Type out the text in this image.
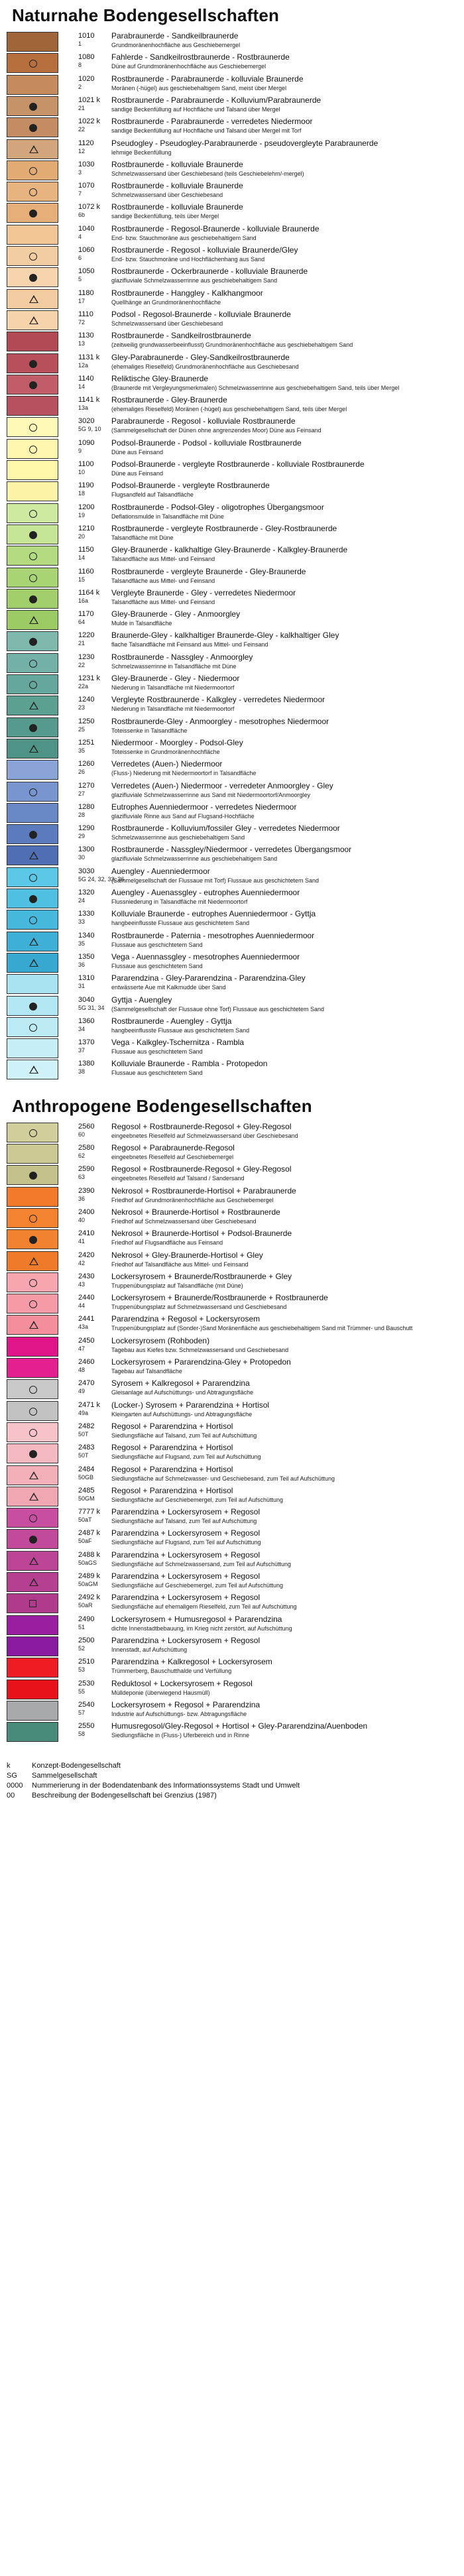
Naturnahe Bodengesellschaften
1010
1
Parabraunerde - Sandkeilbraunerde
Grundmoränenhochfläche aus Geschiebemergel
1080
8
Fahlerde - Sandkeilrostbraunerde - Rostbraunerde
Düne auf Grundmoränenhochfläche aus Geschiebemergel
1020
2
Rostbraunerde - Parabraunerde - kolluviale Braunerde
Moränen (-hügel) aus geschiebehaltigem Sand, meist über Mergel
1021 k
21
Rostbraunerde - Parabraunerde - Kolluvium/Parabraunerde
sandige Beckenfüllung auf Hochfläche und Talsand über Mergel
1022 k
22
Rostbraunerde - Parabraunerde - verredetes Niedermoor
sandige Beckenfüllung auf Hochfläche und Talsand über Mergel mit Torf
1120
12
Pseudogley - Pseudogley-Parabraunerde - pseudovergleyte Parabraunerde
lehmige Beckenfüllung
1030
3
Rostbraunerde - kolluviale Braunerde
Schmelzwassersand über Geschiebesand (teils Geschiebelehm/-mergel)
1070
7
Rostbraunerde - kolluviale Braunerde
Schmelzwassersand über Geschiebesand
1072 k
6b
Rostbraunerde - kolluviale Braunerde
sandige Beckenfüllung, teils über Mergel
1040
4
Rostbraunerde - Regosol-Braunerde - kolluviale Braunerde
End- bzw. Stauchmoräne aus geschiebehaltigem Sand
1060
6
Rostbraunerde - Regosol - kolluviale Braunerde/Gley
End- bzw. Stauchmoräne und Hochflächenhang aus Sand
1050
5
Rostbraunerde - Ockerbraunerde - kolluviale Braunerde
glazifluviale Schmelzwasserrinne aus geschiebehaltigem Sand
1180
17
Rostbraunerde - Hanggley - Kalkhangmoor
Quellhänge an Grundmoränenhochfläche
1110
72
Podsol - Regosol-Braunerde - kolluviale Braunerde
Schmelzwassersand über Geschiebesand
1130
13
Rostbraunerde - Sandkeilrostbraunerde
(zeitweilig grundwasserbeeinflusst) Grundmoränenhochfläche aus geschiebehaltigem Sand
1131 k
12a
Gley-Parabraunerde - Gley-Sandkeilrostbraunerde
(ehemaliges Rieselfeld) Grundmoränenhochfläche aus Geschiebesand
1140
14
Reliktische Gley-Braunerde
(Braunerde mit Vergleyungsmerkmalen) Schmelzwasserrinne aus geschiebehaltigem Sand, teils über Mergel
1141 k
13a
Rostbraunerde - Gley-Braunerde
(ehemaliges Rieselfeld) Moränen (-hügel) aus geschiebehaltigem Sand, teils über Mergel
3020
5G 9, 10
Parabraunerde - Regosol - kolluviale Rostbraunerde
(Sammelgesellschaft der Dünen ohne angrenzendes Moor) Düne aus Feinsand
1090
9
Podsol-Braunerde - Podsol - kolluviale Rostbraunerde
Düne aus Feinsand
1100
10
Podsol-Braunerde - vergleyte Rostbraunerde - kolluviale Rostbraunerde
Düne aus Feinsand
1190
18
Podsol-Braunerde - vergleyte Rostbraunerde
Flugsandfeld auf Talsandfläche
1200
19
Rostbraunerde - Podsol-Gley - oligotrophes Übergangsmoor
Deflationsmulde in Talsandfläche mit Düne
1210
20
Rostbraunerde - vergleyte Rostbraunerde - Gley-Rostbraunerde
Talsandfläche mit Düne
1150
14
Gley-Braunerde - kalkhaltige Gley-Braunerde - Kalkgley-Braunerde
Talsandfläche aus Mittel- und Feinsand
1160
15
Rostbraunerde - vergleyte Braunerde - Gley-Braunerde
Talsandfläche aus Mittel- und Feinsand
1164 k
16a
Vergleyte Braunerde - Gley - verredetes Niedermoor
Talsandfläche aus Mittel- und Feinsand
1170
64
Gley-Braunerde - Gley - Anmoorgley
Mulde in Talsandfläche
1220
21
Braunerde-Gley - kalkhaltiger Braunerde-Gley - kalkhaltiger Gley
flache Talsandfläche mit Feinsand aus Mittel- und Feinsand
1230
22
Rostbraunerde - Nassgley - Anmoorgley
Schmelzwasserrinne in Talsandfläche mit Düne
1231 k
22a
Gley-Braunerde - Gley - Niedermoor
Niederung in Talsandfläche mit Niedermoortorf
1240
23
Vergleyte Rostbraunerde - Kalkgley - verredetes Niedermoor
Niederung in Talsandfläche mit Niedermoortorf
1250
25
Rostbraunerde-Gley - Anmoorgley - mesotrophes Niedermoor
Toteissenke in Talsandfläche
1251
35
Niedermoor - Moorgley - Podsol-Gley
Toteissenke in Grundmoränenhochfläche
1260
26
Verredetes (Auen-) Niedermoor
(Fluss-) Niederung mit Niedermoortorf in Talsandfläche
1270
27
Verredetes (Auen-) Niedermoor - verredeter Anmoorgley - Gley
glazifluviale Schmelzwasserrinne aus Sand mit Niedermoortorf/Anmoorgley
1280
28
Eutrophes Auenniedermoor - verredetes Niedermoor
glazifluviale Rinne aus Sand auf Flugsand-Hochfläche
1290
29
Rostbraunerde - Kolluvium/fossiler Gley - verredetes Niedermoor
Schmelzwasserrinne aus geschiebehaltigem Sand
1300
30
Rostbraunerde - Nassgley/Niedermoor - verredetes Übergangsmoor
glazifluviale Schmelzwasserrinne aus geschiebehaltigem Sand
3030
5G 24, 32, 33, 36
Auengley - Auenniedermoor
(Sammelgesellschaft der Flussaue mit Torf) Flussaue aus geschichtetem Sand
1320
24
Auengley - Auenassgley - eutrophes Auenniedermoor
Flussniederung in Talsandfläche mit Niedermoortorf
1330
33
Kolluviale Braunerde - eutrophes Auenniedermoor - Gyttja
hangbeeinflusste Flussaue aus geschichtetem Sand
1340
35
Rostbraunerde - Paternia - mesotrophes Auenniedermoor
Flussaue aus geschichtetem Sand
1350
36
Vega - Auennassgley - mesotrophes Auenniedermoor
Flussaue aus geschichtetem Sand
1310
31
Pararendzina - Gley-Pararendzina - Pararendzina-Gley
entwässerte Aue mit Kalkmudde über Sand
3040
5G 31, 34
Gyttja - Auengley
(Sammelgesellschaft der Flussaue ohne Torf) Flussaue aus geschichtetem Sand
1360
34
Rostbraunerde - Auengley - Gyttja
hangbeeinflusste Flussaue aus geschichtetem Sand
1370
37
Vega - Kalkgley-Tschernitza - Rambla
Flussaue aus geschichtetem Sand
1380
38
Kolluviale Braunerde - Rambla - Protopedon
Flussaue aus geschichtetem Sand
Anthropogene Bodengesellschaften
2560
60
Regosol + Rostbraunerde-Regosol + Gley-Regosol
eingeebnetes Rieselfeld auf Schmelzwassersand über Geschiebesand
2580
62
Regosol + Parabraunerde-Regosol
eingeebnetes Rieselfeld auf Geschiebemergel
2590
63
Regosol + Rostbraunerde-Regosol + Gley-Regosol
eingeebnetes Rieselfeld auf Talsand / Sandersand
2390
36
Nekrosol + Rostbraunerde-Hortisol + Parabraunerde
Friedhof auf Grundmoränenhochfläche aus Geschiebemergel
2400
40
Nekrosol + Braunerde-Hortisol + Rostbraunerde
Friedhof auf Schmelzwassersand über Geschiebesand
2410
41
Nekrosol + Braunerde-Hortisol + Podsol-Braunerde
Friedhof auf Flugsandfläche aus Feinsand
2420
42
Nekrosol + Gley-Braunerde-Hortisol + Gley
Friedhof auf Talsandfläche aus Mittel- und Feinsand
2430
43
Lockersyrosem + Braunerde/Rostbraunerde + Gley
Truppenübungsplatz auf Talsandfläche (mit Düne)
2440
44
Lockersyrosem + Braunerde/Rostbraunerde + Rostbraunerde
Truppenübungsplatz auf Schmelzwassersand und Geschiebesand
2441
43a
Pararendzina + Regosol + Lockersyrosem
Truppenübungsplatz auf (Sonder-)Sand Moränenfläche aus geschiebehaltigem Sand mit Trümmer- und Bauschutt
2450
47
Lockersyrosem (Rohboden)
Tagebau aus Kiefes bzw. Schmelzwassersand und Geschiebesand
2460
48
Lockersyrosem + Pararendzina-Gley + Protopedon
Tagebau auf Talsandfläche
2470
49
Syrosem + Kalkregosol + Pararendzina
Gleisanlage auf Aufschüttungs- und Abtragungsfläche
2471 k
49a
(Locker-) Syrosem + Pararendzina + Hortisol
Kleingarten auf Aufschüttungs- und Abtragungsfläche
2482
50T
Regosol + Pararendzina + Hortisol
Siedlungsfläche auf Talsand, zum Teil auf Aufschüttung
2483
50T
Regosol + Pararendzina + Hortisol
Siedlungsfläche auf Flugsand, zum Teil auf Aufschüttung
2484
50GB
Regosol + Pararendzina + Hortisol
Siedlungsfläche auf Schmelzwasser- und Geschiebesand, zum Teil auf Aufschüttung
2485
50GM
Regosol + Pararendzina + Hortisol
Siedlungsfläche auf Geschiebemergel, zum Teil auf Aufschüttung
7777 k
50aT
Pararendzina + Lockersyrosem + Regosol
Siedlungsfläche auf Talsand, zum Teil auf Aufschüttung
2487 k
50aF
Pararendzina + Lockersyrosem + Regosol
Siedlungsfläche auf Flugsand, zum Teil auf Aufschüttung
2488 k
50aGS
Pararendzina + Lockersyrosem + Regosol
Siedlungsfläche auf Schmelzwassersand, zum Teil auf Aufschüttung
2489 k
50aGM
Pararendzina + Lockersyrosem + Regosol
Siedlungsfläche auf Geschiebemergel, zum Teil auf Aufschüttung
2492 k
50aR
Pararendzina + Lockersyrosem + Regosol
Siedlungsfläche auf ehemaligem Rieselfeld, zum Teil auf Aufschüttung
2490
51
Lockersyrosem + Humusregosol + Pararendzina
dichte Innenstadtbebauung, im Krieg nicht zerstört, auf Aufschüttung
2500
52
Pararendzina + Lockersyrosem + Regosol
Innenstadt, auf Aufschüttung
2510
53
Pararendzina + Kalkregosol + Lockersyrosem
Trümmerberg, Bauschutthalde und Verfüllung
2530
55
Reduktosol + Lockersyrosem + Regosol
Mülldeponie (überwiegend Hausmüll)
2540
57
Lockersyrosem + Regosol + Pararendzina
Industrie auf Aufschüttungs- bzw. Abtragungsfläche
2550
58
Humusregosol/Gley-Regosol + Hortisol + Gley-Pararendzina/Auenboden
Siedlungsfläche in (Fluss-) Uferbereich und in Rinne
k	Konzept-Bodengesellschaft
SG Sammelgesellschaft
0000 Nummerierung in der Bodendatenbank des Informationssystems Stadt und Umwelt
00 Beschreibung der Bodengesellschaft bei Grenzius (1987)
